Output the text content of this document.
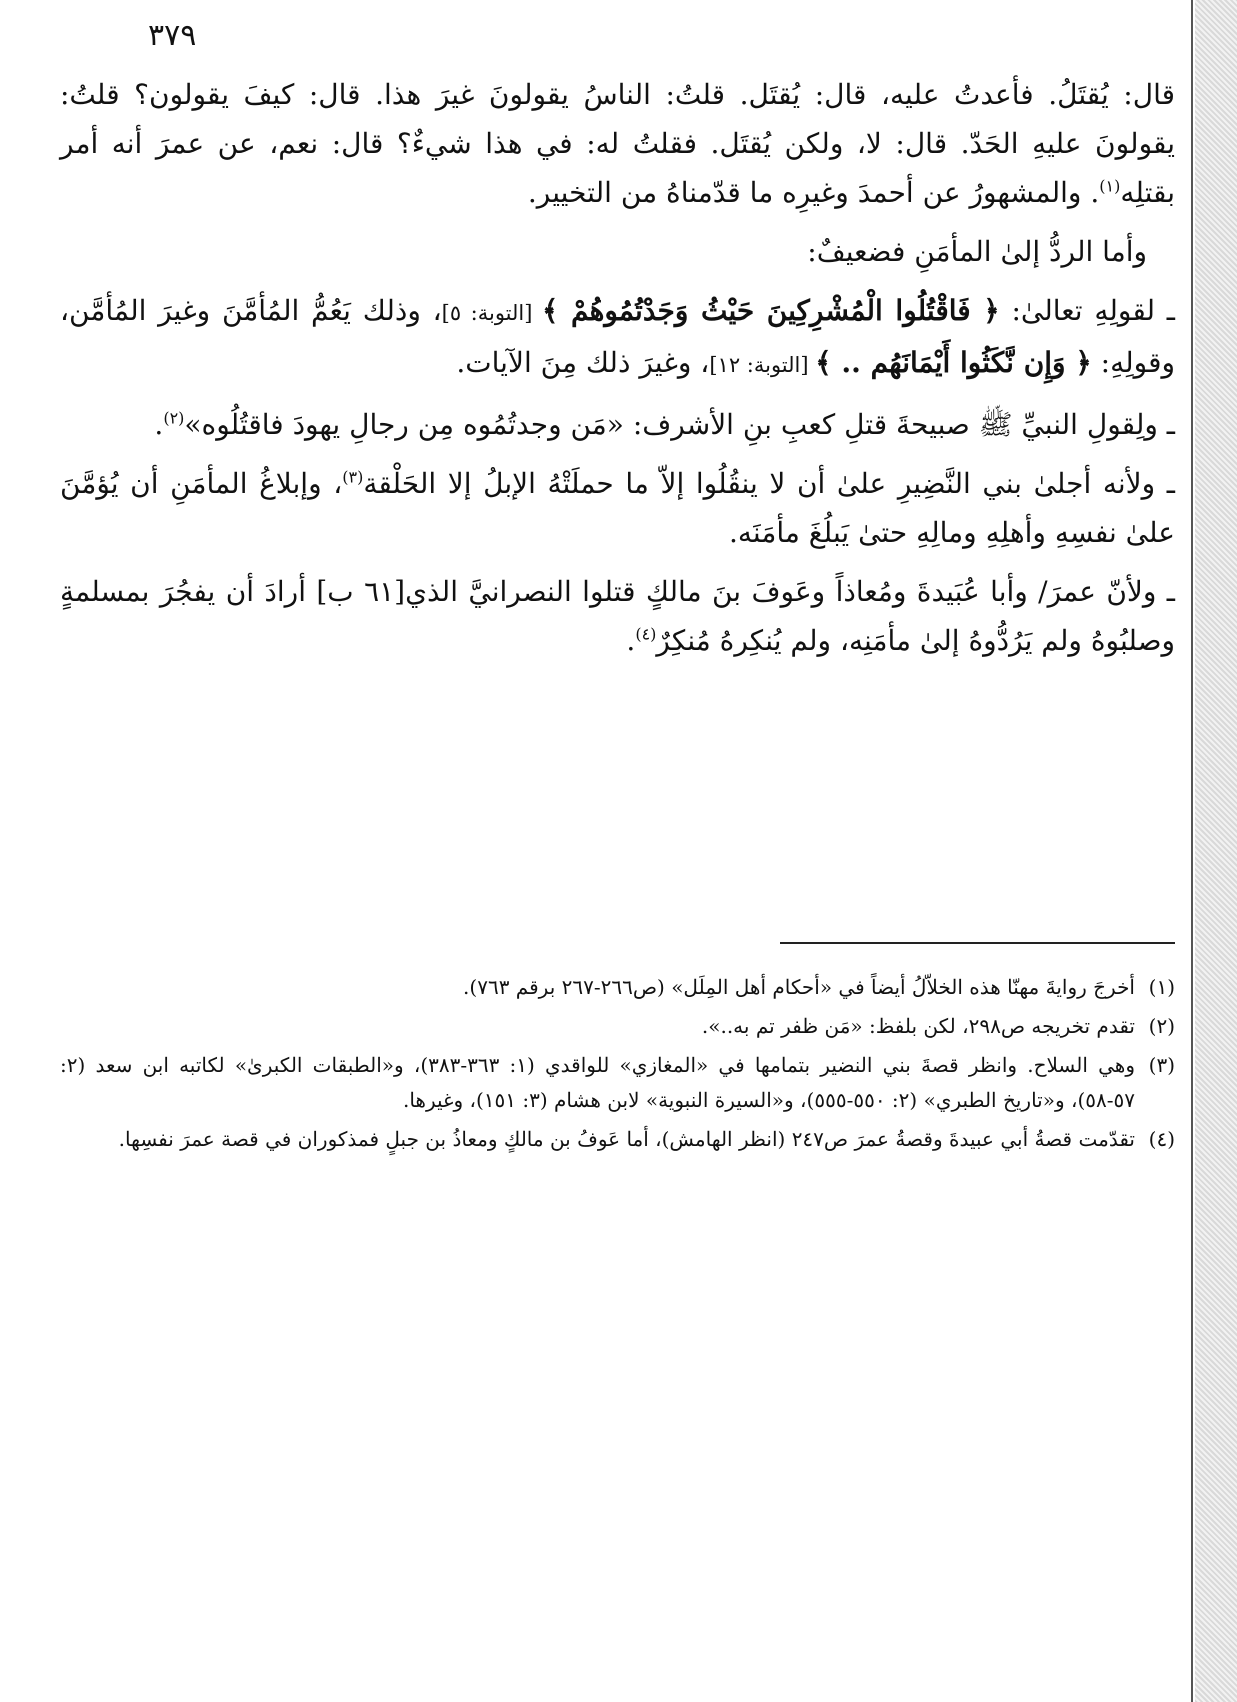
٣٧٩

قال: يُقتَلُ. فأعدتُ عليه، قال: يُقتَل. قلتُ: الناسُ يقولونَ غيرَ هذا. قال: كيفَ يقولون؟ قلتُ: يقولونَ عليهِ الحَدّ. قال: لا، ولكن يُقتَل. فقلتُ له: في هذا شيءٌ؟ قال: نعم، عن عمرَ أنه أمر بقتلِه$^{(١)}$. والمشهورُ عن أحمدَ وغيرِه ما قدّمناهُ من التخيير.

وأما الردُّ إلىٰ المأمَنِ فضعيفٌ:

ـ لقولِهِ تعالىٰ: ﴿ فَاقْتُلُوا الْمُشْرِكِينَ حَيْثُ وَجَدْتُمُوهُمْ ﴾ [التوبة: ٥]، وذلك يَعُمُّ المُأمَّنَ وغيرَ المُأمَّن، وقولِهِ: ﴿ وَإِن نَّكَثُوا أَيْمَانَهُم .. ﴾ [التوبة: ١٢]، وغيرَ ذلك مِنَ الآيات.

ـ ولِقولِ النبيِّ ﷺ صبيحةَ قتلِ كعبِ بنِ الأشرف: «مَن وجدتُمُوه مِن رجالِ يهودَ فاقتُلُوه»$^{(٢)}$.

ـ ولأنه أجلىٰ بني النَّضِيرِ علىٰ أن لا ينقُلُوا إلاّ ما حملَتْهُ الإبلُ إلا الحَلْقة$^{(٣)}$، وإبلاغُ المأمَنِ أن يُؤمَّنَ علىٰ نفسِهِ وأهلِهِ ومالِهِ حتىٰ يَبلُغَ مأمَنَه.

ـ ولأنّ عمرَ/ وأبا عُبَيدةَ ومُعاذاً وعَوفَ بنَ مالكٍ قتلوا النصرانيَّ الذي[٦١ ب] أرادَ أن يفجُرَ بمسلمةٍ وصلبُوهُ ولم يَرُدُّوهُ إلىٰ مأمَنِه، ولم يُنكِرهُ مُنكِرٌ$^{(٤)}$.

(١)
أخرجَ روايةَ مهنّا هذه الخلاّلُ أيضاً في «أحكام أهل المِلَل» (ص٢٦٦-٢٦٧ برقم ٧٦٣).
(٢)
تقدم تخريجه ص٢٩٨، لكن بلفظ: «مَن ظفر تم به..».
(٣)
وهي السلاح. وانظر قصةَ بني النضير بتمامها في «المغازي» للواقدي (١: ٣٦٣-٣٨٣)، و«الطبقات الكبرىٰ» لكاتبه ابن سعد (٢: ٥٧-٥٨)، و«تاريخ الطبري» (٢: ٥٥٠-٥٥٥)، و«السيرة النبوية» لابن هشام (٣: ١٥١)، وغيرها.
(٤)
تقدّمت قصةُ أبي عبيدةَ وقصةُ عمرَ ص٢٤٧ (انظر الهامش)، أما عَوفُ بن مالكٍ ومعاذُ بن جبلٍ فمذكوران في قصة عمرَ نفسِها.
